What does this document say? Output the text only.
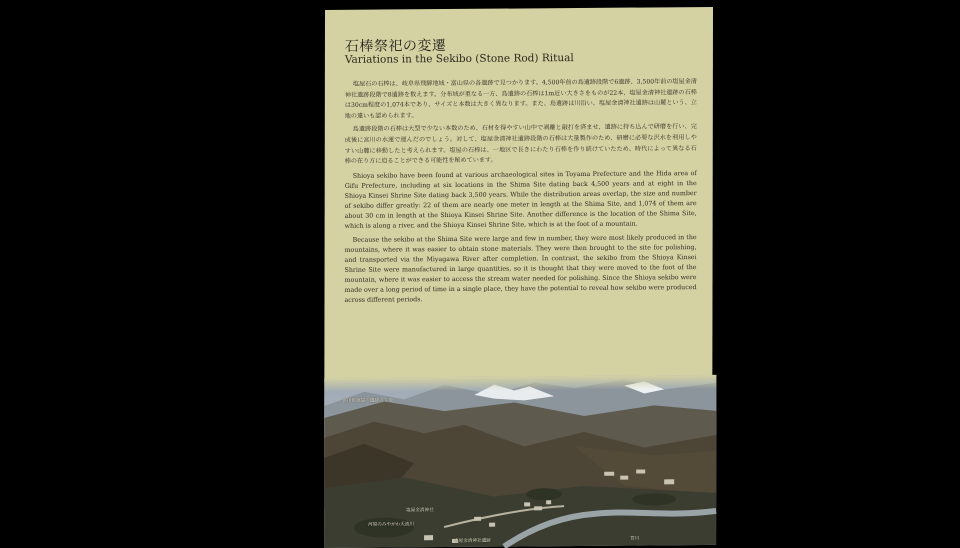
石棒祭祀の変遷
Variations in the Sekibo (Stone Rod) Ritual

塩屋石の石棒は、岐阜県飛騨地域・富山県の各遺跡で見つかります。4,500年前の島遺跡段階で6遺跡、3,500年前の塩屋金清神社遺跡段階で8遺跡を数えます。分布域が重なる一方、島遺跡の石棒は1m近い大きさをものが22本、塩屋金清神社遺跡の石棒は30cm程度の1,074本であり、サイズと本数は大きく異なります。また、島遺跡は川沿い、塩屋金清神社遺跡は山麓という、立地の違いも認められます。

島遺跡段階の石棒は大型で少ない本数のため、石材を得やすい山中で剥離と敲打を済ませ、遺跡に持ち込んで研磨を行い、完成後に宮川の水運で運んだのでしょう。対して、塩屋金清神社遺跡段階の石棒は大量製作のため、研磨に必要な沢水を利用しやすい山麓に移動したと考えられます。塩屋の石棒は、一地区で長きにわたり石棒を作り続けていたため、時代によって異なる石棒の在り方に迫ることができる可能性を秘めています。

Shioya sekibo have been found at various archaeological sites in Toyama Prefecture and the Hida area of Gifu Prefecture, including at six locations in the Shima Site dating back 4,500 years and at eight in the Shioya Kinsei Shrine Site dating back 3,500 years. While the distribution areas overlap, the size and number of sekibo differ greatly: 22 of them are nearly one meter in length at the Shima Site, and 1,074 of them are about 30 cm in length at the Shioya Kinsei Shrine Site. Another difference is the location of the Shima Site, which is along a river, and the Shioya Kinsei Shrine Site, which is at the foot of a mountain.

Because the sekibo at the Shima Site were large and few in number, they were most likely produced in the mountains, where it was easier to obtain stone materials. They were then brought to the site for polishing, and transported via the Miyagawa River after completion. In contrast, the sekibo from the Shioya Kinsei Shrine Site were manufactured in large quantities, so it is thought that they were moved to the foot of the mountain, where it was easier to access the stream water needed for polishing. Since the Shioya sekibo were made over a long period of time in a single place, they have the potential to reveal how sekibo were produced across different periods.

宮川町塩屋の遺跡の立地
塩屋金清神社
河原のみやがわ天流川
塩屋金清神社遺跡	宮川
